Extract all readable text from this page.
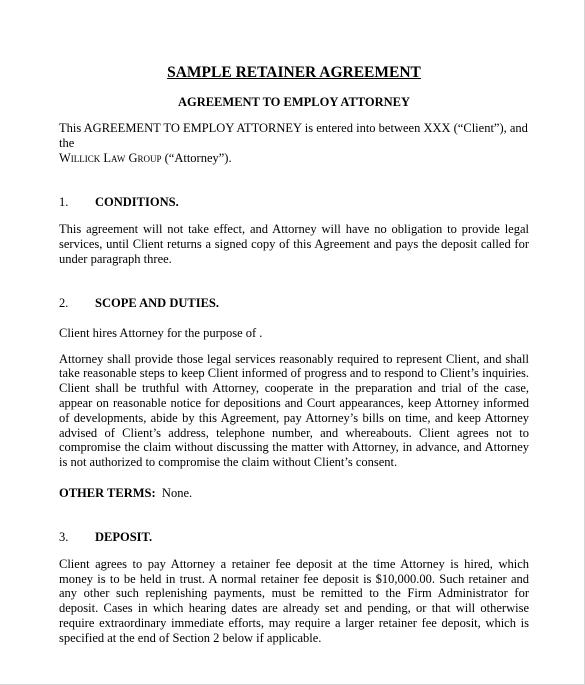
SAMPLE RETAINER AGREEMENT
AGREEMENT TO EMPLOY ATTORNEY

This AGREEMENT TO EMPLOY ATTORNEY is entered into between XXX (“Client”), and the
Willick Law Group (“Attorney”).

1. CONDITIONS.

This agreement will not take effect, and Attorney will have no obligation to provide legal services, until Client returns a signed copy of this Agreement and pays the deposit called for under paragraph three.

2. SCOPE AND DUTIES.

Client hires Attorney for the purpose of .

Attorney shall provide those legal services reasonably required to represent Client, and shall take reasonable steps to keep Client informed of progress and to respond to Client’s inquiries. Client shall be truthful with Attorney, cooperate in the preparation and trial of the case, appear on reasonable notice for depositions and Court appearances, keep Attorney informed of developments, abide by this Agreement, pay Attorney’s bills on time, and keep Attorney advised of Client’s address, telephone number, and whereabouts. Client agrees not to compromise the claim without discussing the matter with Attorney, in advance, and Attorney is not authorized to compromise the claim without Client’s consent.

OTHER TERMS: None.

3. DEPOSIT.

Client agrees to pay Attorney a retainer fee deposit at the time Attorney is hired, which money is to be held in trust. A normal retainer fee deposit is $10,000.00. Such retainer and any other such replenishing payments, must be remitted to the Firm Administrator for deposit. Cases in which hearing dates are already set and pending, or that will otherwise require extraordinary immediate efforts, may require a larger retainer fee deposit, which is specified at the end of Section 2 below if applicable.
